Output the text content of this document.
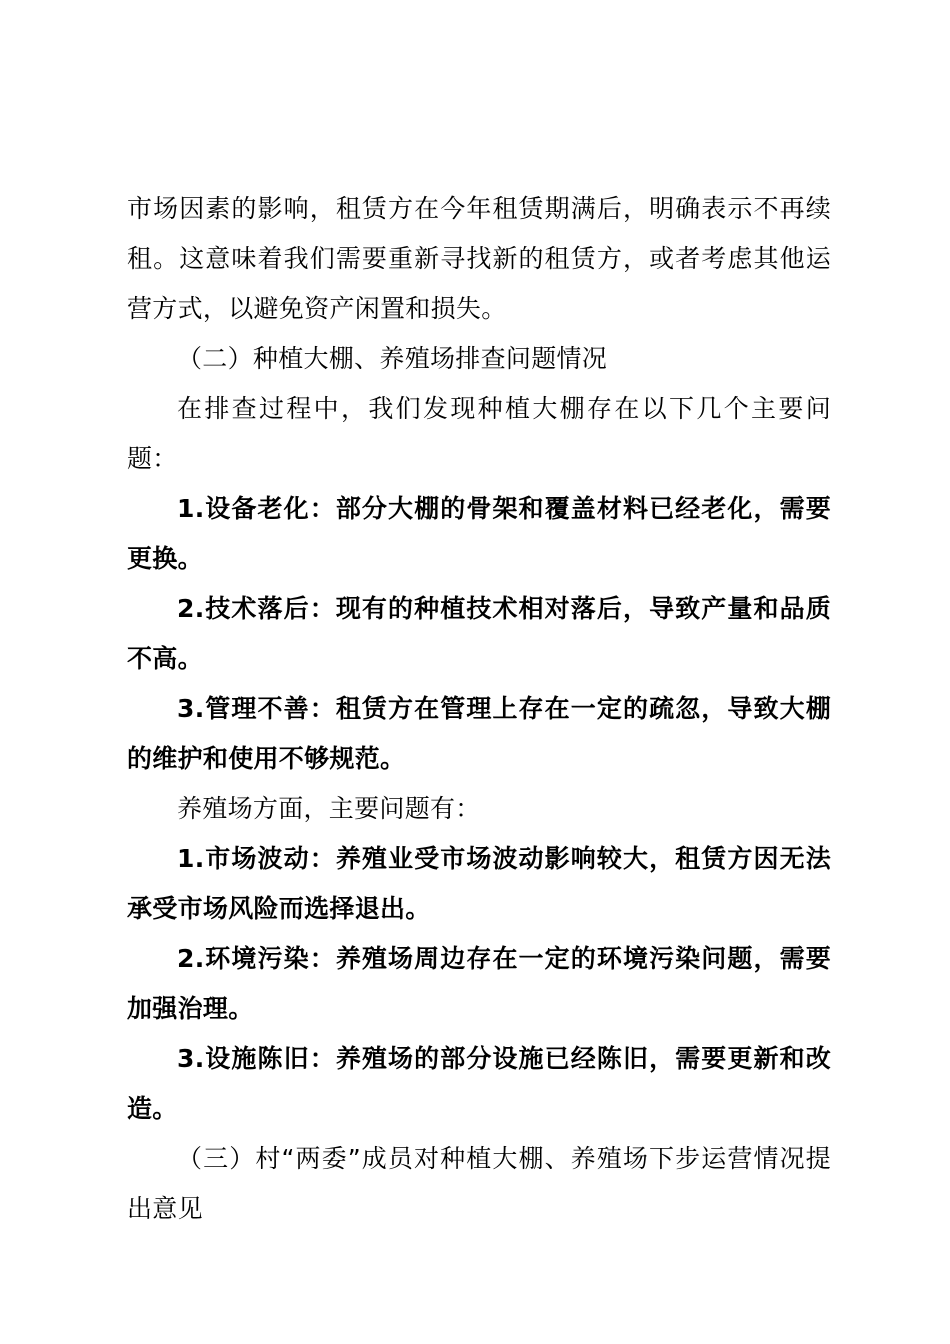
市场因素的影响，租赁方在今年租赁期满后，明确表示不再续租。这意味着我们需要重新寻找新的租赁方，或者考虑其他运营方式，以避免资产闲置和损失。

（二）种植大棚、养殖场排查问题情况

在排查过程中，我们发现种植大棚存在以下几个主要问题：

1.设备老化：部分大棚的骨架和覆盖材料已经老化，需要更换。

2.技术落后：现有的种植技术相对落后，导致产量和品质不高。

3.管理不善：租赁方在管理上存在一定的疏忽，导致大棚的维护和使用不够规范。

养殖场方面，主要问题有：

1.市场波动：养殖业受市场波动影响较大，租赁方因无法承受市场风险而选择退出。

2.环境污染：养殖场周边存在一定的环境污染问题，需要加强治理。

3.设施陈旧：养殖场的部分设施已经陈旧，需要更新和改造。

（三）村“两委”成员对种植大棚、养殖场下步运营情况提出意见
